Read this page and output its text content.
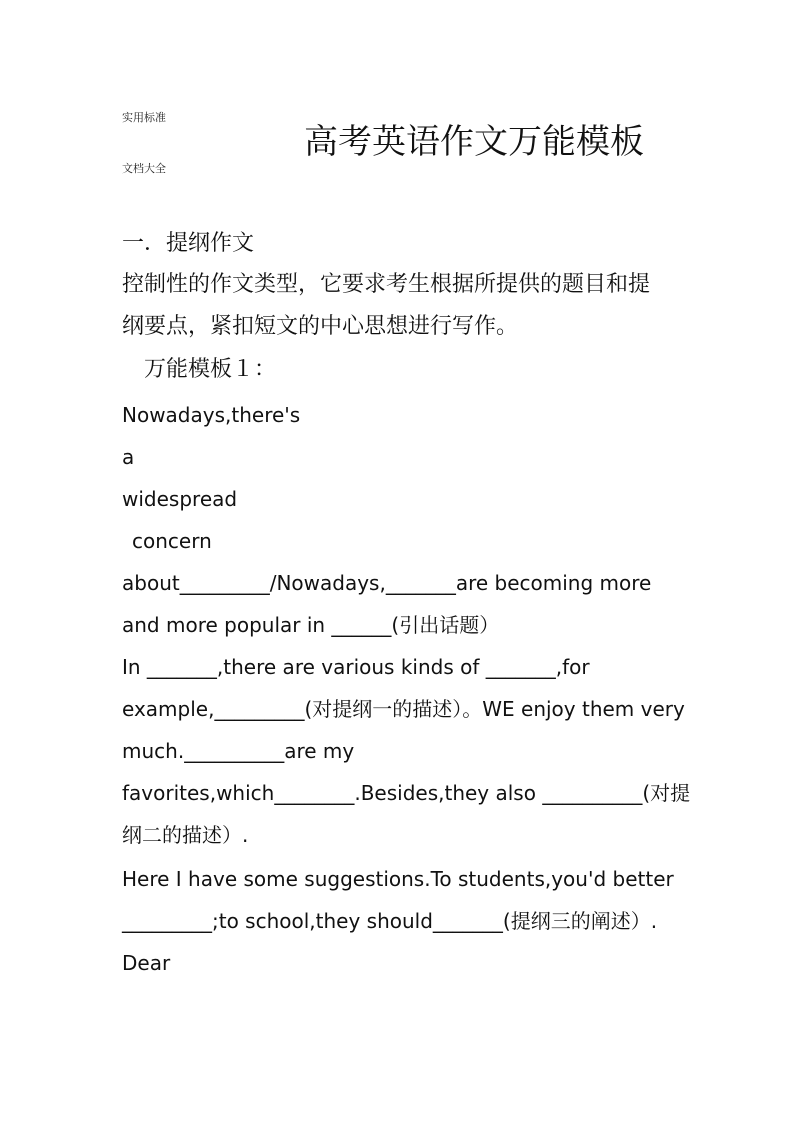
实用标准
文档大全
高考英语作文万能模板
一．提纲作文
控制性的作文类型，它要求考生根据所提供的题目和提
纲要点，紧扣短文的中心思想进行写作。
万能模板１：
Nowadays,there's
a
widespread
concern
about_________/Nowadays,_______are becoming more
and more popular in ______(引出话题）
In _______,there are various kinds of _______,for
example,_________(对提纲一的描述）。WE enjoy them very
much.__________are my
favorites,which________.Besides,they also __________(对提
纲二的描述）.
Here I have some suggestions.To students,you'd better
_________;to school,they should_______(提纲三的阐述）.
Dear
